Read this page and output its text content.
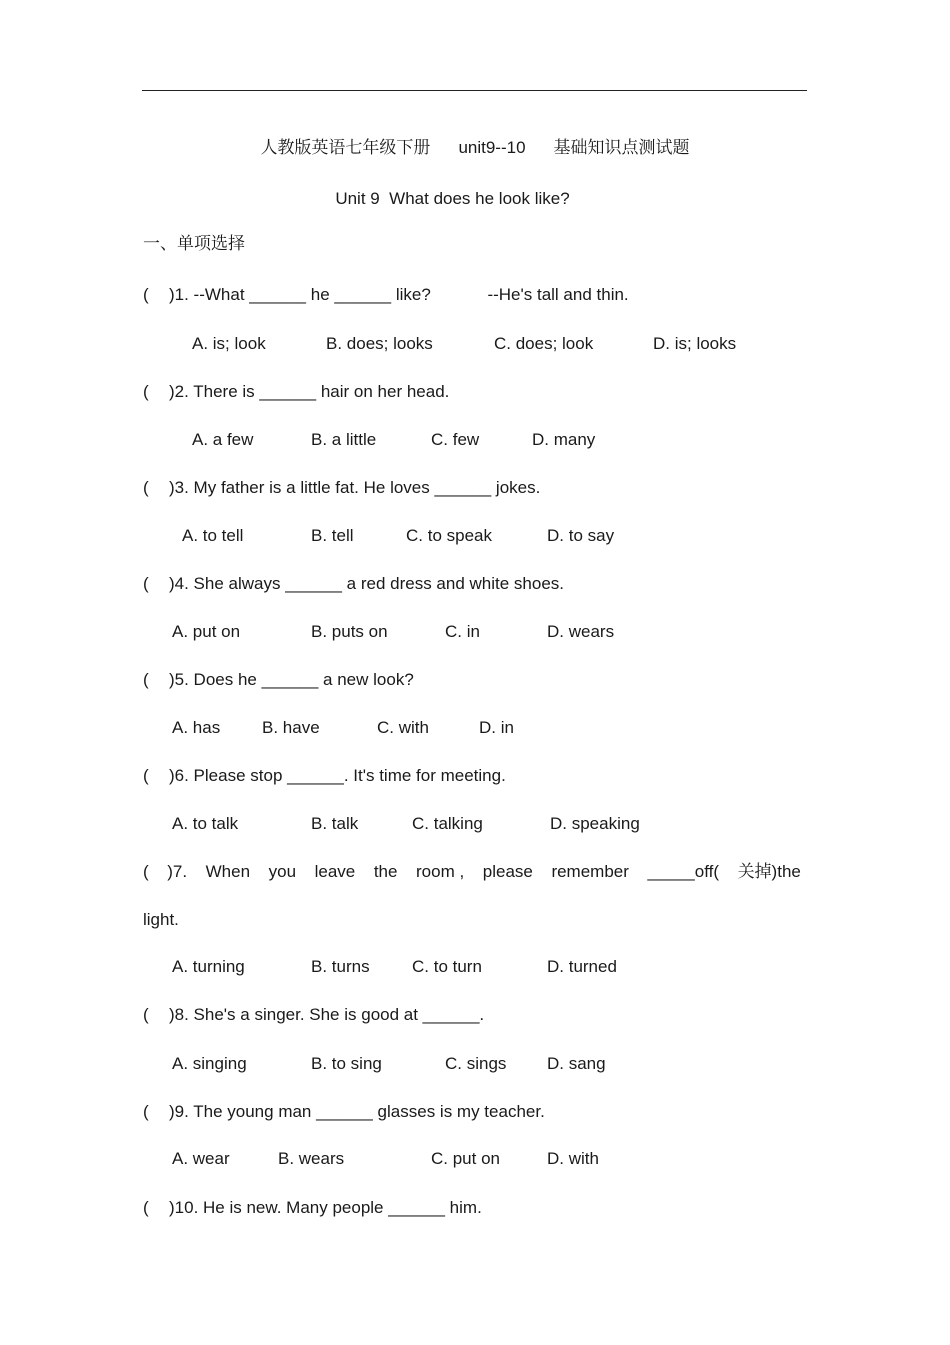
人教版英语七年级下册 unit9--10 基础知识点测试题
Unit 9  What does he look like?
一、单项选择
( )1. --What ______ he ______ like?            --He's tall and thin.
A. is; look	B. does; looks	C. does; look	D. is; looks
( )2. There is ______ hair on her head.
A. a few	B. a little	C. few	D. many
( )3. My father is a little fat. He loves ______ jokes.
A. to tell	B. tell	C. to speak	D. to say
( )4. She always ______ a red dress and white shoes.
A. put on	B. puts on	C. in	D. wears
( )5. Does he ______ a new look?
A. has B. have	C. with	D. in
( )6. Please stop ______. It's time for meeting.
A. to talk	B. talk	C. talking	D. speaking
( )7. When you leave the room , please remember _____off( 关掉)the
light.
A. turning	B. turns C. to turn	D. turned
( )8. She's a singer. She is good at ______.
A. singing	B. to sing	C. sings D. sang
( )9. The young man ______ glasses is my teacher.
A. wear	B. wears	C. put on	D. with
( )10. He is new. Many people ______ him.
